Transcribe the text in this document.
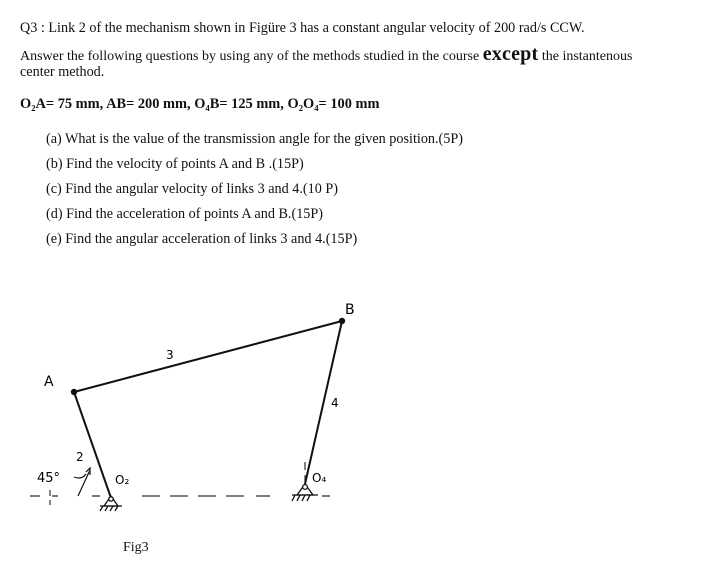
Q3 : Link 2 of the mechanism shown in Figüre 3 has a constant angular velocity of 200 rad/s CCW.
Answer the following questions by using any of the methods studied in the course except the instantenous
center method.
O₂A= 75 mm, AB= 200 mm, O₄B= 125 mm, O₂O₄= 100 mm
(a) What is the value of the transmission angle for the given position.(5P)
(b) Find the velocity of points A and B .(15P)
(c) Find the angular velocity of links 3 and 4.(10 P)
(d) Find the acceleration of points A and B.(15P)
(e) Find the angular acceleration of links 3 and 4.(15P)
A
B
2
3
4
45°	O₂	O₄
Fig3
